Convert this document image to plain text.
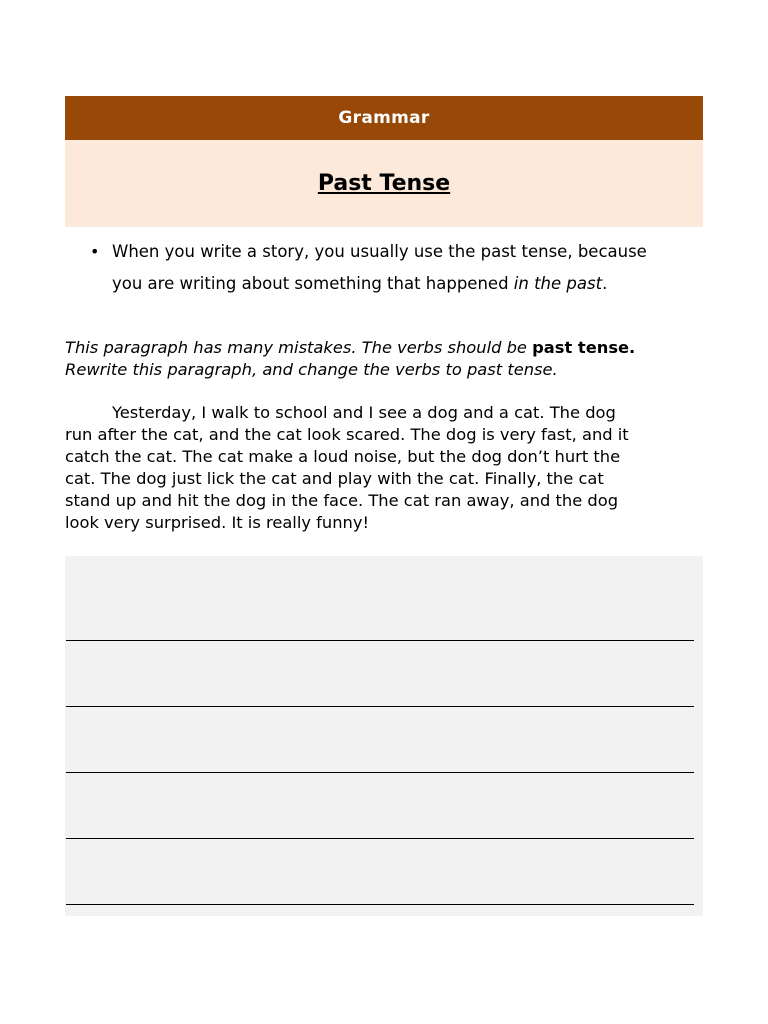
Grammar
Past Tense
• When you write a story, you usually use the past tense, because
you are writing about something that happened in the past.
This paragraph has many mistakes. The verbs should be past tense.
Rewrite this paragraph, and change the verbs to past tense.
Yesterday, I walk to school and I see a dog and a cat. The dog
run after the cat, and the cat look scared. The dog is very fast, and it
catch the cat. The cat make a loud noise, but the dog don’t hurt the
cat. The dog just lick the cat and play with the cat. Finally, the cat
stand up and hit the dog in the face. The cat ran away, and the dog
look very surprised. It is really funny!
